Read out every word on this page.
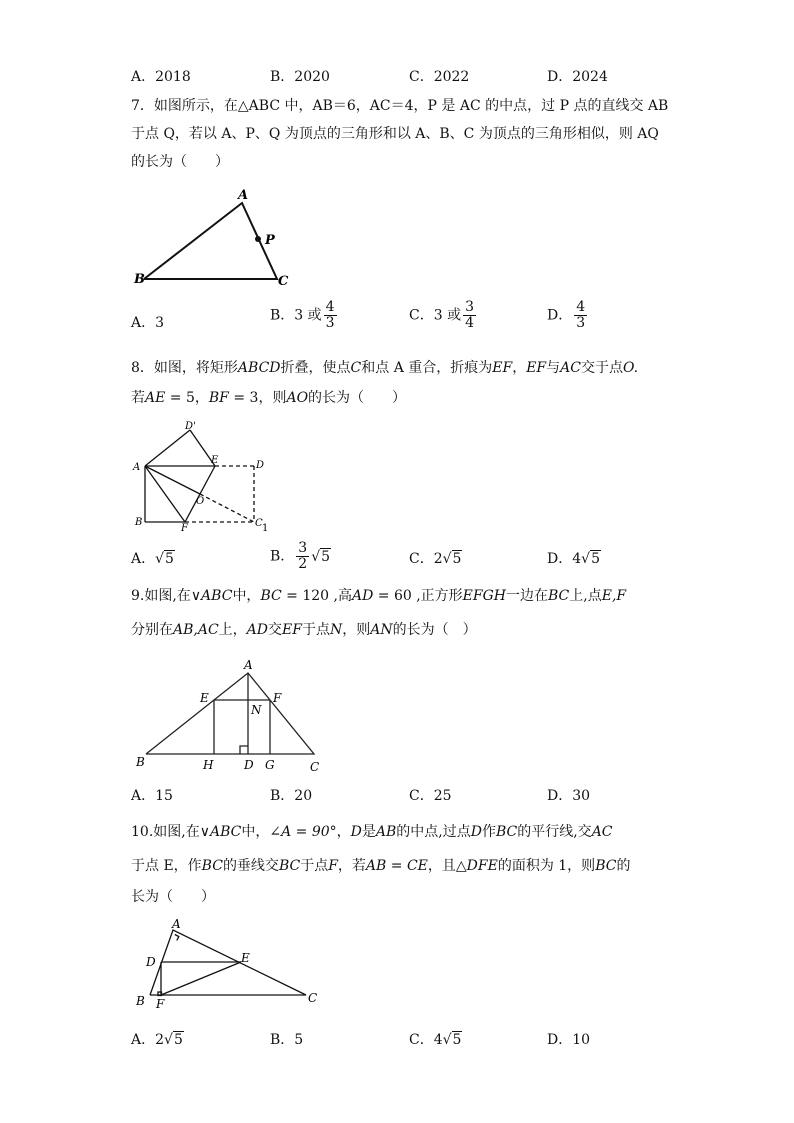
A．2018	B．2020	C．2022	D．2024
7．如图所示，在△ABC 中，AB＝6，AC＝4，P 是 AC 的中点，过 P 点的直线交 AB
于点 Q，若以 A、P、Q 为顶点的三角形和以 A、B、C 为顶点的三角形相似，则 AQ
的长为（　　）
A
P
B	C
A．3	B．3 或 $\frac{4}{3}$	C．3 或 $\frac{3}{4}$	D． $\frac{4}{3}$
8．如图，将矩形ABCD折叠，使点C和点 A 重合，折痕为EF，EF与AC交于点O.
若AE = 5，BF = 3，则AO的长为（　　）
D'
A
E	D
O
B
F	C 1
A．√5	B． $\frac{3}{2} √5$	C．2√5	D．4√5
9.如图,在∨ABC中，BC = 120 ,高AD = 60 ,正方形EFGH一边在BC上,点E,F
分别在AB,AC上，AD交EF于点N，则AN的长为（　）
A
E	F
N
B	H	D G	C
A．15	B．20	C．25	D．30
10.如图,在∨ABC中，∠A = 90°，D是AB的中点,过点D作BC的平行线,交AC
于点 E，作BC的垂线交BC于点F，若AB = CE，且△DFE的面积为 1，则BC的
长为（　　）
A
D	E
B F	C
A．2√5	B．5	C．4√5	D．10
